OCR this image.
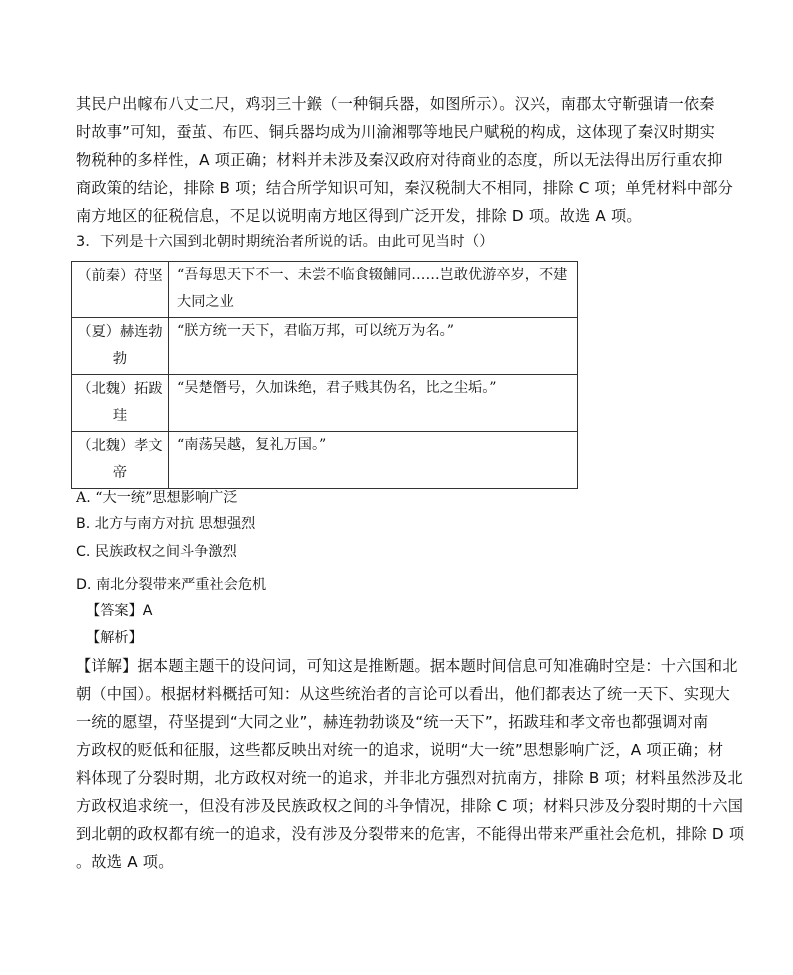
其民户出幏布八丈二尺，鸡羽三十鍭（一种铜兵器，如图所示）。汉兴，南郡太守靳强请一依秦
时故事”可知，蚕茧、布匹、铜兵器均成为川渝湘鄂等地民户赋税的构成，这体现了秦汉时期实
物税种的多样性，A 项正确；材料并未涉及秦汉政府对待商业的态度，所以无法得出厉行重农抑
商政策的结论，排除 B 项；结合所学知识可知，秦汉税制大不相同，排除 C 项；单凭材料中部分
南方地区的征税信息，不足以说明南方地区得到广泛开发，排除 D 项。故选 A 项。
3．下列是十六国到北朝时期统治者所说的话。由此可见当时（）
（前秦）苻坚	“吾每思天下不一、未尝不临食辍餔同……岂敢优游卒岁，不建大同之业
（夏）赫连勃勃	“朕方统一天下，君临万邦，可以统万为名。”
（北魏）拓跋珪	“吴楚僭号，久加诛绝，君子贱其伪名，比之尘垢。”
（北魏）孝文帝	“南荡吴越，复礼万国。”
A. “大一统”思想影响广泛
B. 北方与南方对抗 思想强烈
C. 民族政权之间斗争激烈
D. 南北分裂带来严重社会危机
【答案】A
【解析】
【详解】据本题主题干的设问词，可知这是推断题。据本题时间信息可知准确时空是：十六国和北
朝（中国）。根据材料概括可知：从这些统治者的言论可以看出，他们都表达了统一天下、实现大
一统的愿望，苻坚提到“大同之业”，赫连勃勃谈及“统一天下”，拓跋珪和孝文帝也都强调对南
方政权的贬低和征服，这些都反映出对统一的追求，说明“大一统”思想影响广泛，A 项正确；材
料体现了分裂时期，北方政权对统一的追求，并非北方强烈对抗南方，排除 B 项；材料虽然涉及北
方政权追求统一，但没有涉及民族政权之间的斗争情况，排除 C 项；材料只涉及分裂时期的十六国
到北朝的政权都有统一的追求，没有涉及分裂带来的危害，不能得出带来严重社会危机，排除 D 项
。故选 A 项。
